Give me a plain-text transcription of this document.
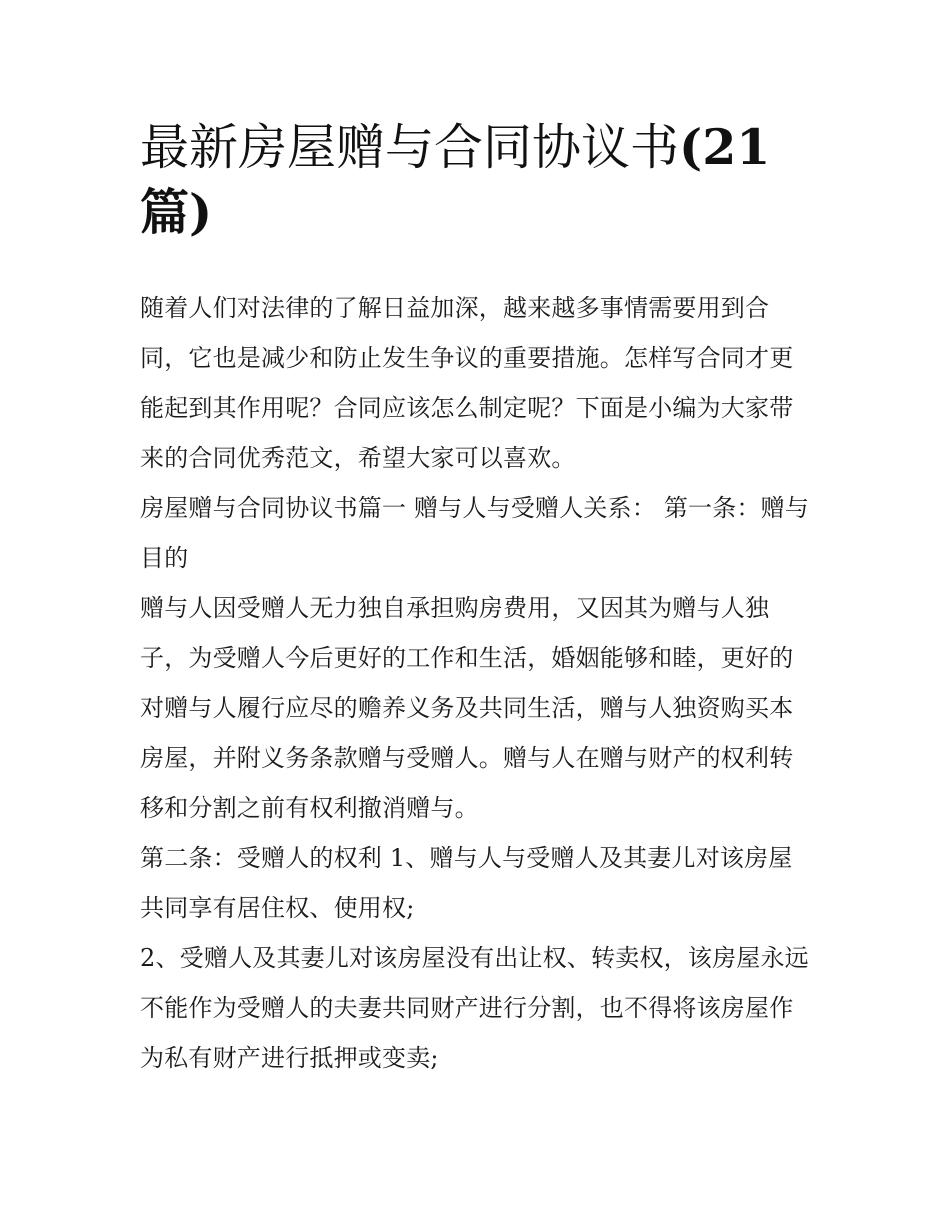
最新房屋赠与合同协议书(21篇)

随着人们对法律的了解日益加深，越来越多事情需要用到合同，它也是减少和防止发生争议的重要措施。怎样写合同才更能起到其作用呢？合同应该怎么制定呢？下面是小编为大家带来的合同优秀范文，希望大家可以喜欢。

房屋赠与合同协议书篇一 赠与人与受赠人关系： 第一条：赠与目的

赠与人因受赠人无力独自承担购房费用，又因其为赠与人独子，为受赠人今后更好的工作和生活，婚姻能够和睦，更好的对赠与人履行应尽的赡养义务及共同生活，赠与人独资购买本房屋，并附义务条款赠与受赠人。赠与人在赠与财产的权利转移和分割之前有权利撤消赠与。

第二条：受赠人的权利 1、赠与人与受赠人及其妻儿对该房屋共同享有居住权、使用权;

2、受赠人及其妻儿对该房屋没有出让权、转卖权，该房屋永远不能作为受赠人的夫妻共同财产进行分割，也不得将该房屋作为私有财产进行抵押或变卖;
